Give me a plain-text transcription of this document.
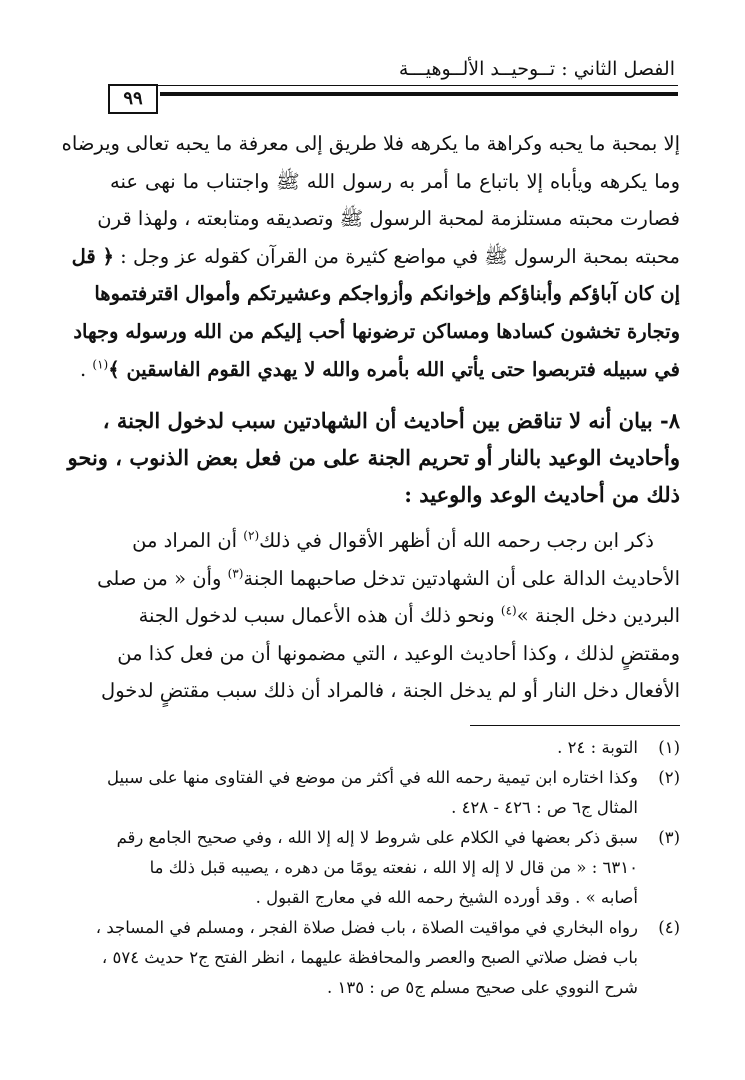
الفصل الثاني : تــوحيــد الألــوهيـــة
٩٩
إلا بمحبة ما يحبه وكراهة ما يكرهه فلا طريق إلى معرفة ما يحبه تعالى ويرضاه
وما يكرهه ويأباه إلا باتباع ما أمر به رسول الله ﷺ واجتناب ما نهى عنه
فصارت محبته مستلزمة لمحبة الرسول ﷺ وتصديقه ومتابعته ، ولهذا قرن
محبته بمحبة الرسول ﷺ في مواضع كثيرة من القرآن كقوله عز وجل : ﴿ قل
إن كان آباؤكم وأبناؤكم وإخوانكم وأزواجكم وعشيرتكم وأموال اقترفتموها
وتجارة تخشون كسادها ومساكن ترضونها أحب إليكم من الله ورسوله وجهاد
في سبيله فتربصوا حتى يأتي الله بأمره والله لا يهدي القوم الفاسقين ﴾$^{(١)}$ .
٨- بيان أنه لا تناقض بين أحاديث أن الشهادتين سبب لدخول الجنة ،
وأحاديث الوعيد بالنار أو تحريم الجنة على من فعل بعض الذنوب ، ونحو
ذلك من أحاديث الوعد والوعيد :
ذكر ابن رجب رحمه الله أن أظهر الأقوال في ذلك$^{(٢)}$ أن المراد من
الأحاديث الدالة على أن الشهادتين تدخل صاحبهما الجنة$^{(٣)}$ وأن « من صلى
البردين دخل الجنة »$^{(٤)}$ ونحو ذلك أن هذه الأعمال سبب لدخول الجنة
ومقتضٍ لذلك ، وكذا أحاديث الوعيد ، التي مضمونها أن من فعل كذا من
الأفعال دخل النار أو لم يدخل الجنة ، فالمراد أن ذلك سبب مقتضٍ لدخول
(١)
التوبة : ٢٤ .
(٢)
وكذا اختاره ابن تيمية رحمه الله في أكثر من موضع في الفتاوى منها على سبيل
المثال ج٦ ص : ٤٢٦ - ٤٢٨ .
(٣)
سبق ذكر بعضها في الكلام على شروط لا إله إلا الله ، وفي صحيح الجامع رقم
٦٣١٠ : « من قال لا إله إلا الله ، نفعته يومًا من دهره ، يصيبه قبل ذلك ما
أصابه » . وقد أورده الشيخ رحمه الله في معارج القبول .
(٤)
رواه البخاري في مواقيت الصلاة ، باب فضل صلاة الفجر ، ومسلم في المساجد ،
باب فضل صلاتي الصبح والعصر والمحافظة عليهما ، انظر الفتح ج٢ حديث ٥٧٤ ،
شرح النووي على صحيح مسلم ج٥ ص : ١٣٥ .
